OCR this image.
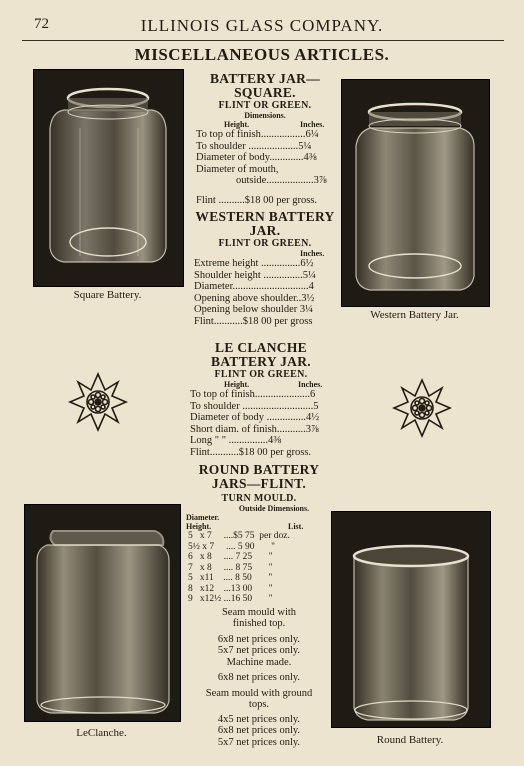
72	ILLINOIS GLASS COMPANY.
MISCELLANEOUS ARTICLES.
Square Battery.
Western Battery Jar.
BATTERY JAR—
SQUARE.
FLINT OR GREEN.
Dimensions.
Height.	Inches.
To top of finish.................6¼
To shoulder ...................5¼
Diameter of body.............4⅜
Diameter of mouth,
outside..................3⅞
Flint ..........$18 00 per gross.
WESTERN BATTERY
JAR.
FLINT OR GREEN.
Inches.
Extreme height ...............6½
Shoulder height ...............5¼
Diameter.............................4
Opening above shoulder..3½
Opening below shoulder 3¼
Flint...........$18 00 per gross
LE CLANCHE
BATTERY JAR.
FLINT OR GREEN.
Height.	Inches.
To top of finish.....................6
To shoulder ...........................5
Diameter of body ...............4½
Short diam. of finish...........3⅞
Long " " ...............4⅜
Flint...........$18 00 per gross.
LeClanche.
Round Battery.
ROUND BATTERY
JARS—FLINT.
TURN MOULD.
Outside Dimensions.
Diameter.
Height.	List.
5   x 7     ....$5 75  per doz.
5½ x 7     .... 5 90       "
6   x 8     .... 7 25       "
7   x 8     .... 8 75       "
5   x11    .... 8 50       "
8   x12    ...13 00       "
9   x12½ ...16 50       "
Seam mould with
finished top.
6x8 net prices only.
5x7 net prices only.
Machine made.
6x8 net prices only.
Seam mould with ground
tops.
4x5 net prices only.
6x8 net prices only.
5x7 net prices only.
